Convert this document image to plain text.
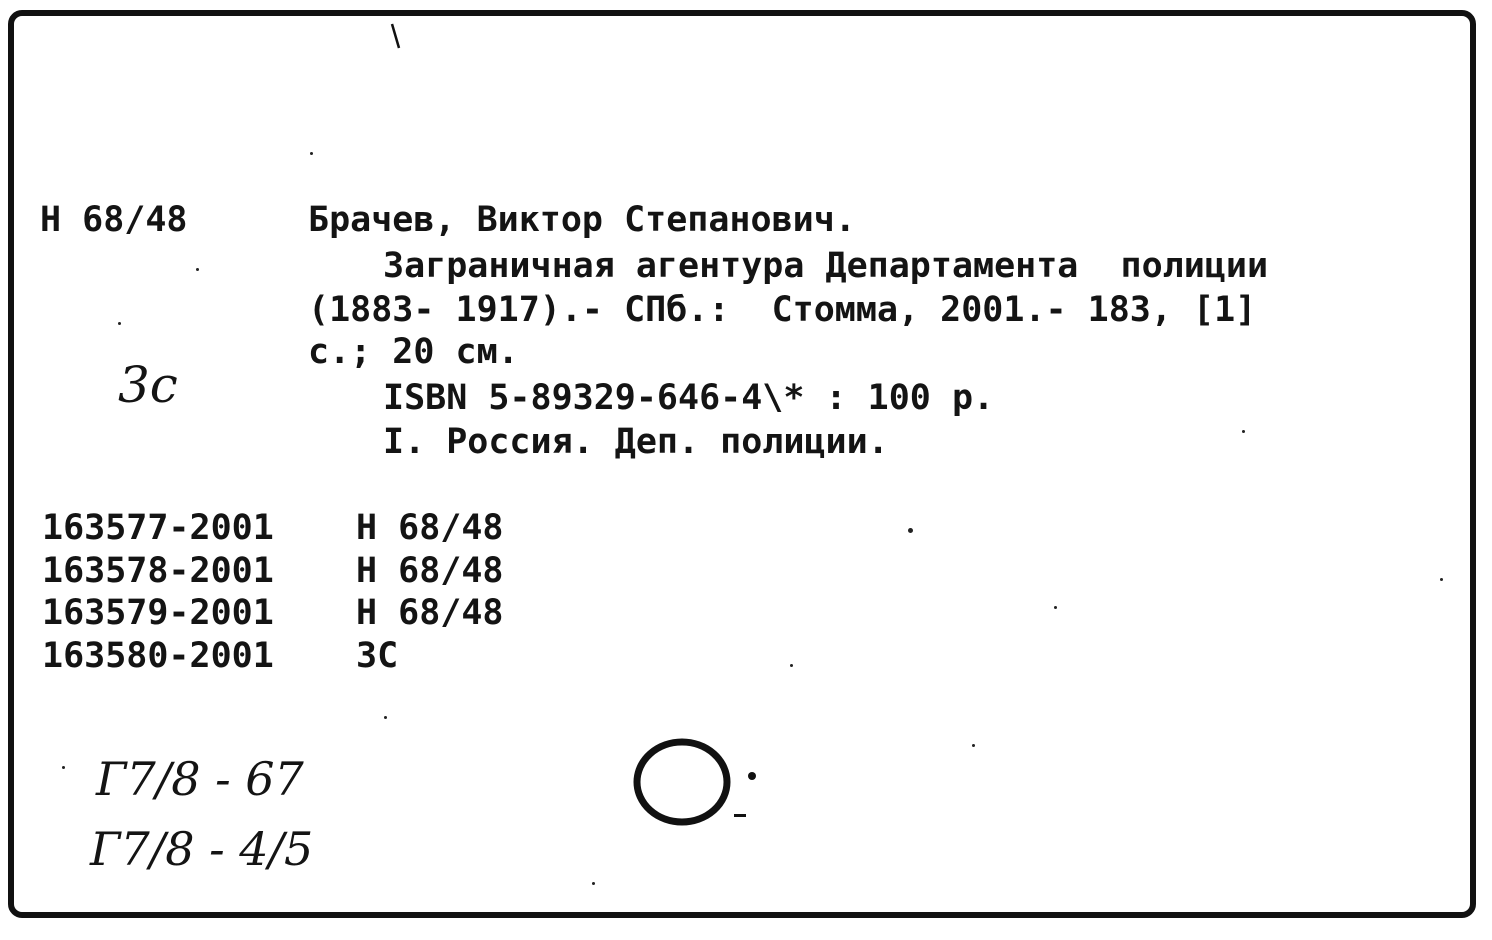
Н 68/48	Брачев, Виктор Степанович.
Заграничная агентура Департамента  полиции
(1883- 1917).- СПб.:  Стомма, 2001.- 183, [1]
с.; 20 см.
ISBN 5-89329-646-4\* : 100 р.
I. Россия. Деп. полиции.
3с
163577-2001 Н 68/48
163578-2001 Н 68/48
163579-2001 Н 68/48
163580-2001 ЗС
Г7/8 - 67
Г7/8 - 4/5
